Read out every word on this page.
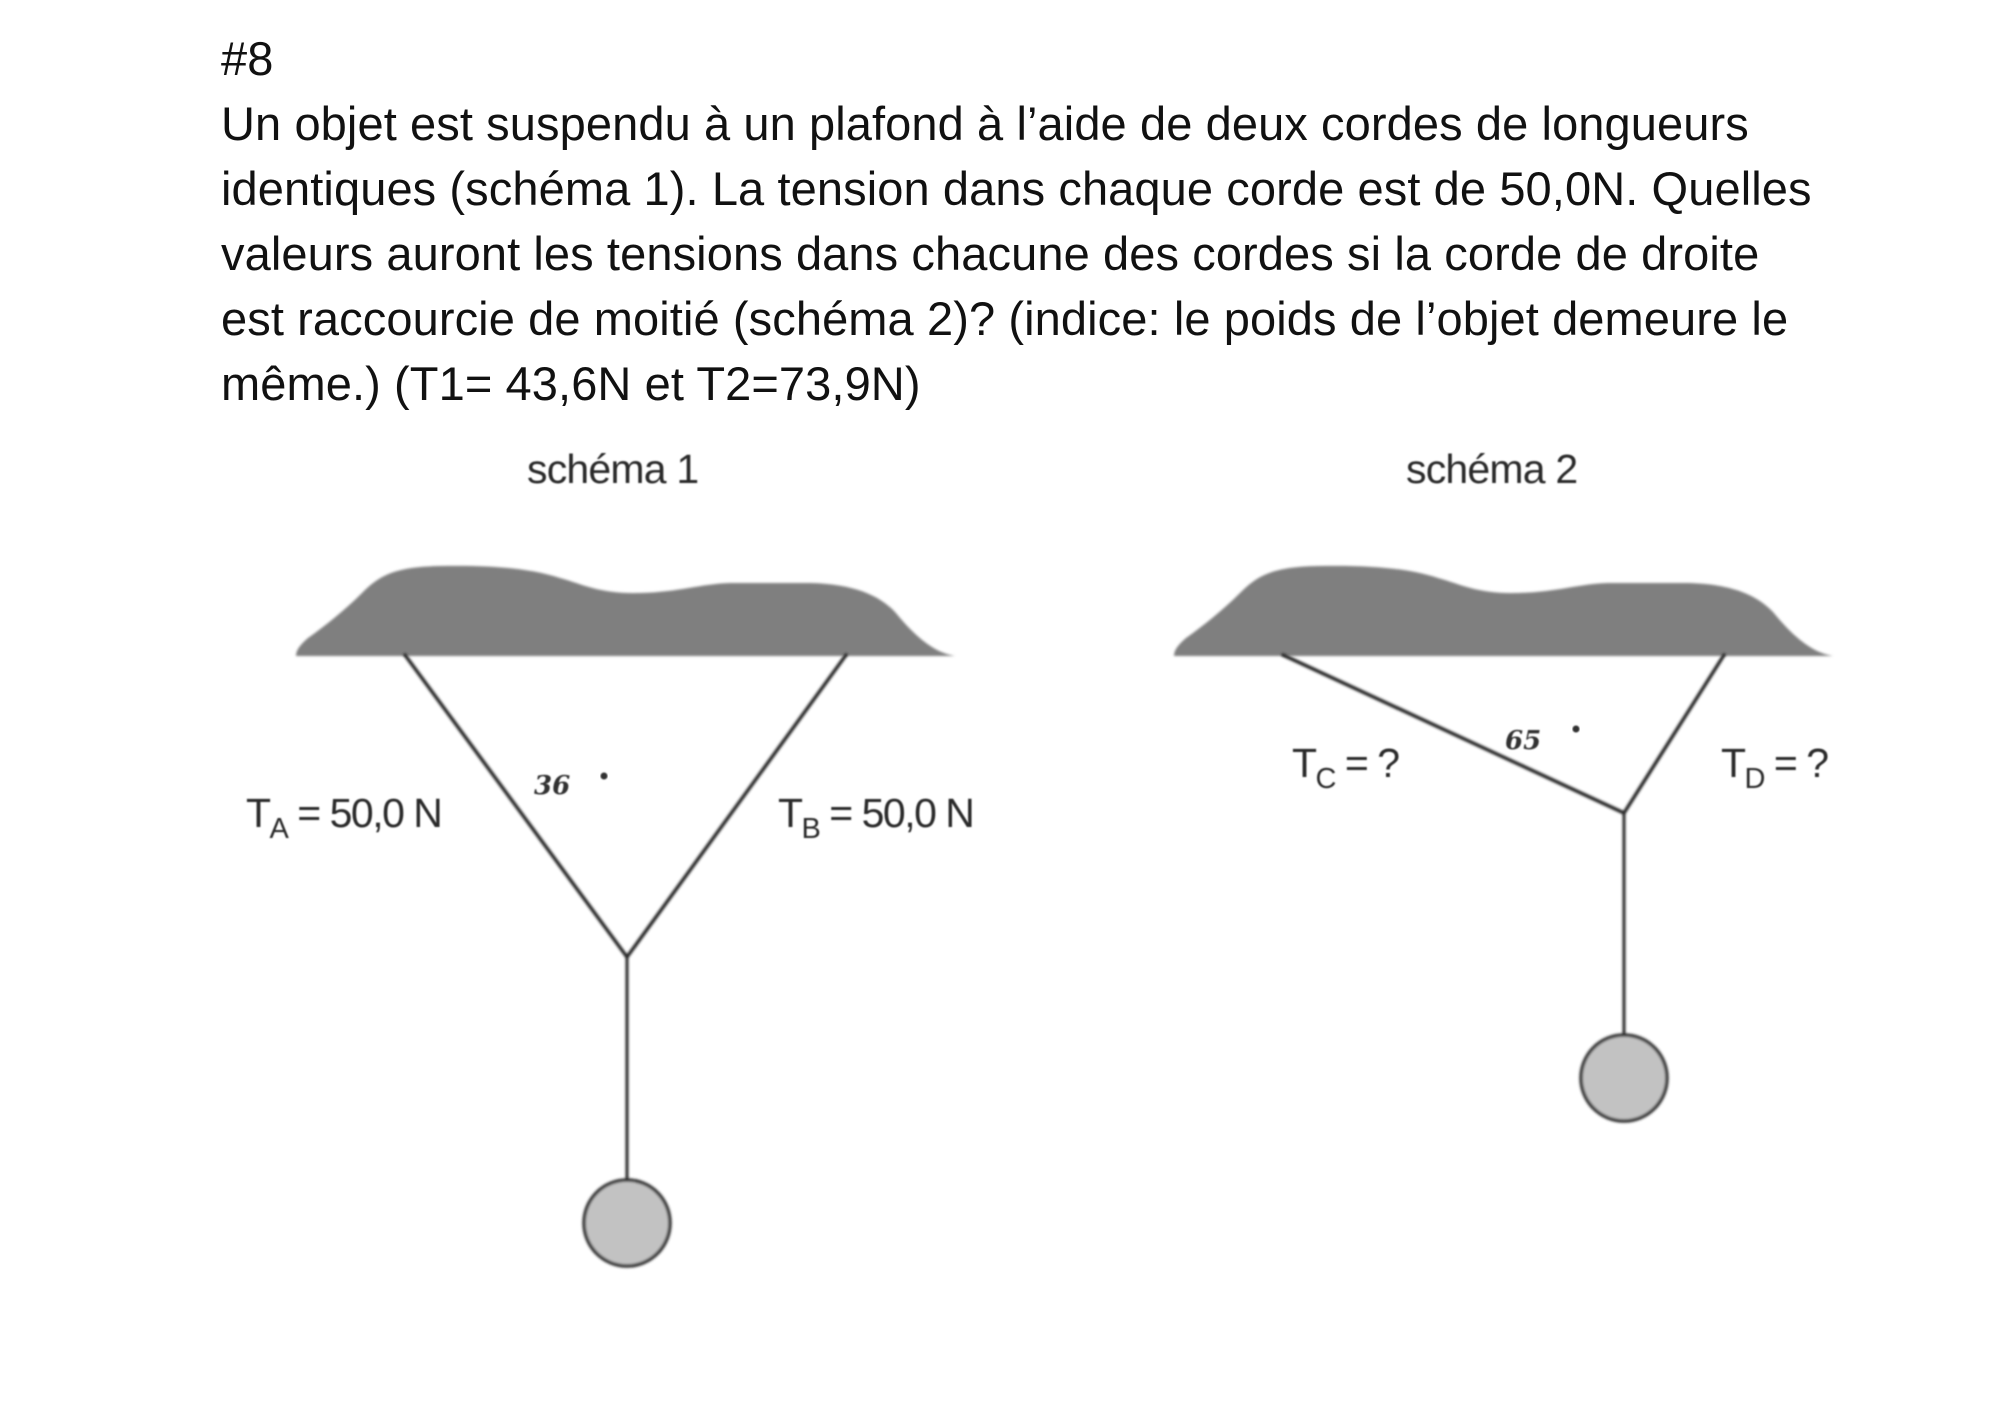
#8

Un objet est suspendu à un plafond à l’aide de deux cordes de longueurs

identiques (schéma 1). La tension dans chaque corde est de 50,0N. Quelles

valeurs auront les tensions dans chacune des cordes si la corde de droite

est raccourcie de moitié (schéma 2)? (indice: le poids de l’objet demeure le

même.) (T1= 43,6N et T2=73,9N)

schéma 1
36
$T_A = 50,0$ N	$T_B = 50,0$ N
schéma 2
65
$T_C$ = ?	$T_D$ = ?
